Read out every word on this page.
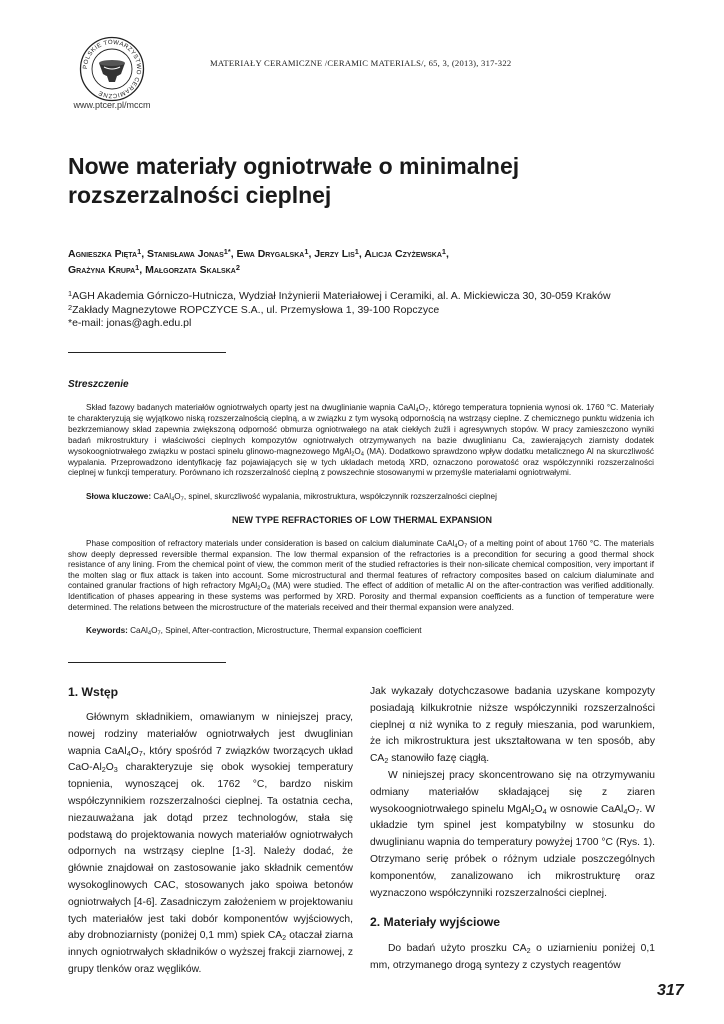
POLSKIE TOWARZYSTWO CERAMICZNE
www.ptcer.pl/mccm
MATERIAŁY CERAMICZNE /CERAMIC MATERIALS/, 65, 3, (2013), 317-322
Nowe materiały ogniotrwałe o minimalnej
rozszerzalności cieplnej
Agnieszka Pięta$^1$, Stanisława Jonas$^{1*}$, Ewa Drygalska$^1$, Jerzy Lis$^1$, Alicja Czyżewska$^1$,
Grażyna Krupa$^1$, Małgorzata Skalska$^2$
$^1$AGH Akademia Górniczo-Hutnicza, Wydział Inżynierii Materiałowej i Ceramiki, al. A. Mickiewicza 30, 30-059 Kraków
$^2$Zakłady Magnezytowe ROPCZYCE S.A., ul. Przemysłowa 1, 39-100 Ropczyce
*e-mail: jonas@agh.edu.pl
Streszczenie
Skład fazowy badanych materiałów ogniotrwałych oparty jest na dwuglinianie wapnia $CaAl_4O_7$, którego temperatura topnienia wynosi ok. 1760 °C. Materiały te charakteryzują się wyjątkowo niską rozszerzalnością cieplną, a w związku z tym wysoką odpornością na wstrząsy cieplne. Z chemicznego punktu widzenia ich bezkrzemianowy skład zapewnia zwiększoną odporność obmurza ogniotrwałego na atak ciekłych żużli i agresywnych stopów. W pracy zamieszczono wyniki badań mikrostruktury i właściwości cieplnych kompozytów ogniotrwałych otrzymywanych na bazie dwuglinianu Ca, zawierających ziarnisty dodatek wysokoogniotrwałego związku w postaci spinelu glinowo-magnezowego $MgAl_2O_4$ (MA). Dodatkowo sprawdzono wpływ dodatku metalicznego Al na skurczliwość wypalania. Przeprowadzono identyfikację faz pojawiających się w tych układach metodą XRD, oznaczono porowatość oraz współczynniki rozszerzalności cieplnej w funkcji temperatury. Porównano ich rozszerzalność cieplną z powszechnie stosowanymi w przemyśle materiałami ogniotrwałymi.
Słowa kluczowe: $CaAl_4O_7$, spinel, skurczliwość wypalania, mikrostruktura, współczynnik rozszerzalności cieplnej
NEW TYPE REFRACTORIES OF LOW THERMAL EXPANSION
Phase composition of refractory materials under consideration is based on calcium dialuminate $CaAl_4O_7$ of a melting point of about 1760 °C. The materials show deeply depressed reversible thermal expansion. The low thermal expansion of the refractories is a precondition for securing a good thermal shock resistance of any lining. From the chemical point of view, the common merit of the studied refractories is their non-silicate chemical composition, very important if the molten slag or flux attack is taken into account. Some microstructural and thermal features of refractory composites based on calcium dialuminate and contained granular fractions of high refractory $MgAl_2O_4$ (MA) were studied. The effect of addition of metallic Al on the after-contraction was verified additionally. Identification of phases appearing in these systems was performed by XRD. Porosity and thermal expansion coefficients as a function of temperature were determined. The relations between the microstructure of the materials received and their thermal expansion were analyzed.
Keywords: $CaAl_4O_7$, Spinel, After-contraction, Microstructure, Thermal expansion coefficient
1. Wstęp

Głównym składnikiem, omawianym w niniejszej pracy, nowej rodziny materiałów ogniotrwałych jest dwuglinian wapnia $CaAl_4O_7$, który spośród 7 związków tworzących układ CaO-$Al_2O_3$ charakteryzuje się obok wysokiej temperatury topnienia, wynoszącej ok. 1762 °C, bardzo niskim współczynnikiem rozszerzalności cieplnej. Ta ostatnia cecha, niezauważana jak dotąd przez technologów, stała się podstawą do projektowania nowych materiałów ogniotrwałych odpornych na wstrząsy cieplne [1-3]. Należy dodać, że głównie znajdował on zastosowanie jako składnik cementów wysokoglinowych CAC, stosowanych jako spoiwa betonów ogniotrwałych [4-6]. Zasadniczym założeniem w projektowaniu tych materiałów jest taki dobór komponentów wyjściowych, aby drobnoziarnisty (poniżej 0,1 mm) spiek $CA_2$ otaczał ziarna innych ogniotrwałych składników o wyższej frakcji ziarnowej, z grupy tlenków oraz węglików.

Jak wykazały dotychczasowe badania uzyskane kompozyty posiadają kilkukrotnie niższe współczynniki rozszerzalności cieplnej α niż wynika to z reguły mieszania, pod warunkiem, że ich mikrostruktura jest ukształtowana w ten sposób, aby $CA_2$ stanowiło fazę ciągłą.

W niniejszej pracy skoncentrowano się na otrzymywaniu odmiany materiałów składającej się z ziaren wysokoogniotrwałego spinelu $MgAl_2O_4$ w osnowie $CaAl_4O_7$. W układzie tym spinel jest kompatybilny w stosunku do dwuglinianu wapnia do temperatury powyżej 1700 °C (Rys. 1). Otrzymano serię próbek o różnym udziale poszczególnych komponentów, zanalizowano ich mikrostrukturę oraz wyznaczono współczynniki rozszerzalności cieplnej.

2. Materiały wyjściowe

Do badań użyto proszku $CA_2$ o uziarnieniu poniżej 0,1 mm, otrzymanego drogą syntezy z czystych reagentów

317
